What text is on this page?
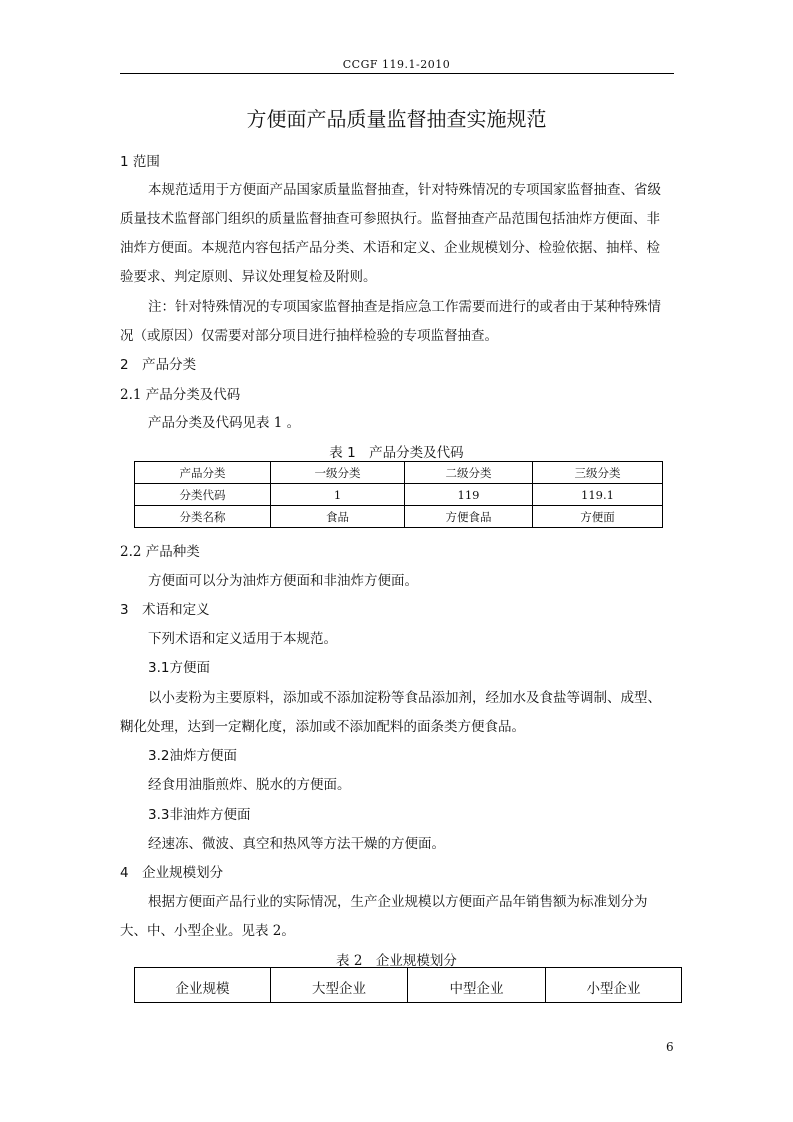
CCGF 119.1-2010
方便面产品质量监督抽查实施规范
1 范围
本规范适用于方便面产品国家质量监督抽查，针对特殊情况的专项国家监督抽查、省级
质量技术监督部门组织的质量监督抽查可参照执行。监督抽查产品范围包括油炸方便面、非
油炸方便面。本规范内容包括产品分类、术语和定义、企业规模划分、检验依据、抽样、检
验要求、判定原则、异议处理复检及附则。
注：针对特殊情况的专项国家监督抽查是指应急工作需要而进行的或者由于某种特殊情
况（或原因）仅需要对部分项目进行抽样检验的专项监督抽查。
2　产品分类
2.1 产品分类及代码
产品分类及代码见表 1 。
表 1　产品分类及代码
产品分类	一级分类	二级分类	三级分类
分类代码	1	119	119.1
分类名称	食品	方便食品	方便面
2.2 产品种类
方便面可以分为油炸方便面和非油炸方便面。
3　术语和定义
下列术语和定义适用于本规范。
3.1方便面
以小麦粉为主要原料，添加或不添加淀粉等食品添加剂，经加水及食盐等调制、成型、
糊化处理，达到一定糊化度，添加或不添加配料的面条类方便食品。
3.2油炸方便面
经食用油脂煎炸、脱水的方便面。
3.3非油炸方便面
经速冻、微波、真空和热风等方法干燥的方便面。
4　企业规模划分
根据方便面产品行业的实际情况，生产企业规模以方便面产品年销售额为标准划分为
大、中、小型企业。见表 2。
表 2　企业规模划分
企业规模	大型企业	中型企业	小型企业
6
